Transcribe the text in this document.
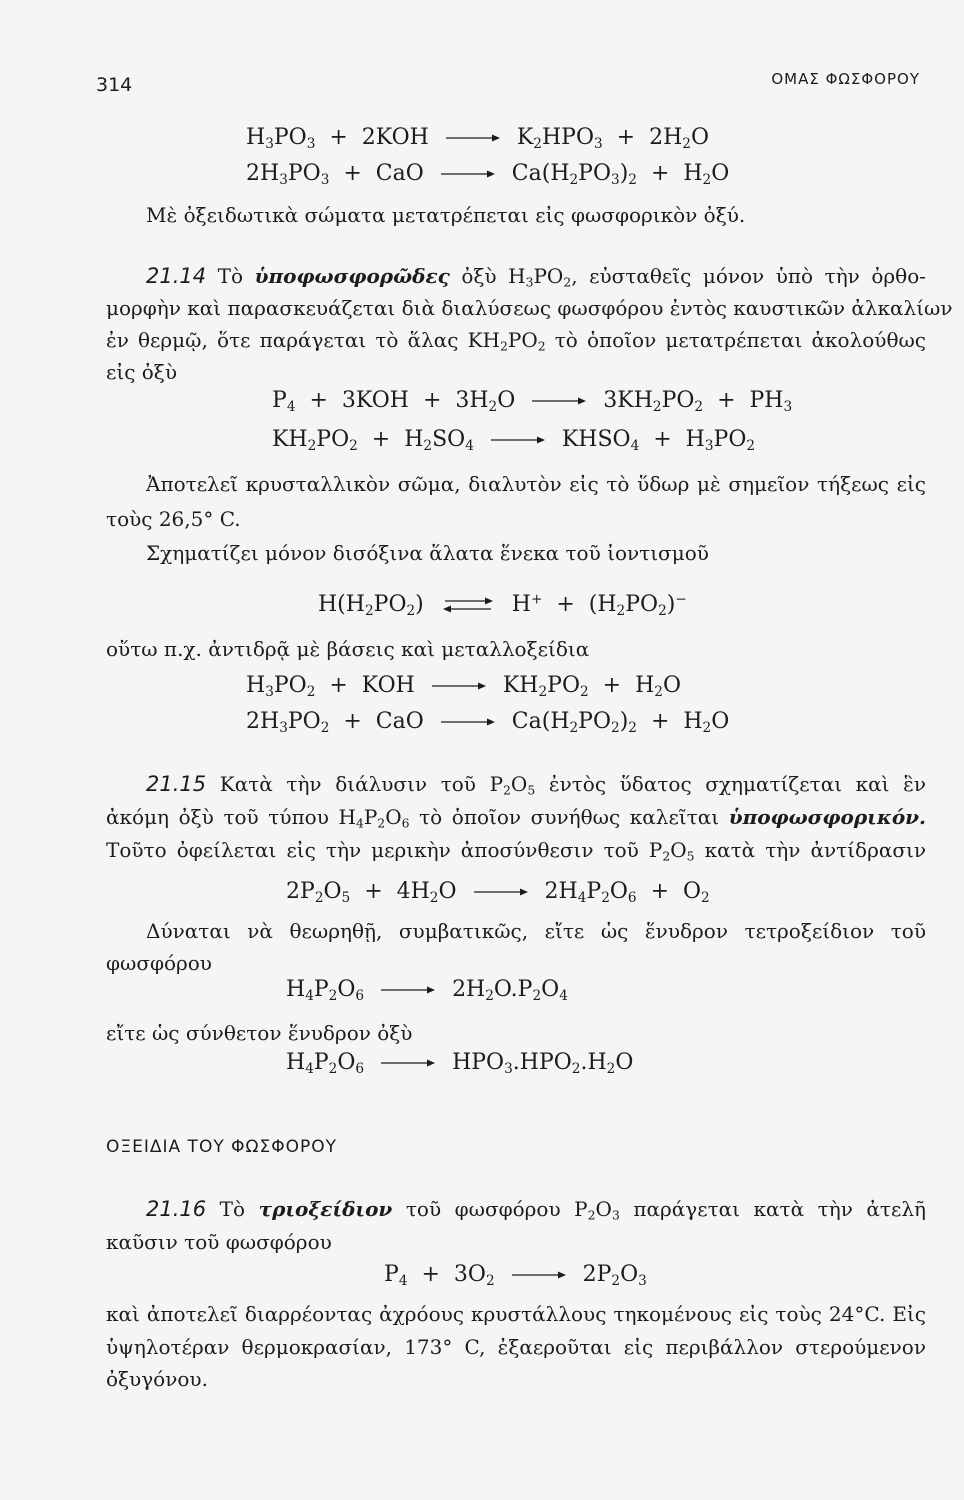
314	ΟΜΑΣ ΦΩΣΦΟΡΟΥ
$H_3PO_3 + 2KOH \to K_2HPO_3 + 2H_2O$
$2H_3PO_3$  +  CaO → $Ca(H_2PO_3)_2 + H_2O$
Μὲ ὀξειδωτικὰ σώματα μετατρέπεται εἰς φωσφορικὸν ὀξύ.
21.14 Τὸ ὑποφωσφορῶδες ὀξὺ $H_3PO_2$, εὐσταθεῖς μόνον ὑπὸ τὴν ὀρθο-
μορφὴν καὶ παρασκευάζεται διὰ διαλύσεως φωσφόρου ἐντὸς καυστικῶν ἀλκαλίων
ἐν θερμῷ, ὅτε παράγεται τὸ ἅλας $KH_2PO_2$ τὸ ὁποῖον μετατρέπεται ἀκολούθως
εἰς ὀξὺ
$P_4 + 3KOH + 3H_2O \to 3KH_2PO_2 + PH_3$
$KH_2PO_2 + H_2SO_4$ → $KHSO_4 + H_3PO_2$
Ἀποτελεῖ κρυσταλλικὸν σῶμα, διαλυτὸν εἰς τὸ ὕδωρ μὲ σημεῖον τήξεως εἰς
τοὺς 26,5° C.
Σχηματίζει μόνον δισόξινα ἅλατα ἕνεκα τοῦ ἰοντισμοῦ
$H(H_2PO_2)$ ⇌ $H^+ + (H_2PO_2)^-$
οὕτω π.χ. ἀντιδρᾷ μὲ βάσεις καὶ μεταλλοξείδια
$H_3PO_2$  +  KOH → $KH_2PO_2 + H_2O$
$2H_3PO_2$  +  CaO → $Ca(H_2PO_2)_2 + H_2O$
21.15 Κατὰ τὴν διάλυσιν τοῦ $P_2O_5$ ἐντὸς ὕδατος σχηματίζεται καὶ ἓν
ἀκόμη ὀξὺ τοῦ τύπου $H_4P_2O_6$ τὸ ὁποῖον συνήθως καλεῖται ὑποφωσφορικόν.
Τοῦτο ὀφείλεται εἰς τὴν μερικὴν ἀποσύνθεσιν τοῦ $P_2O_5$ κατὰ τὴν ἀντίδρασιν
$2P_2O_5 + 4H_2O \to 2H_4P_2O_6 + O_2$
Δύναται νὰ θεωρηθῇ, συμβατικῶς, εἴτε ὡς ἕνυδρον τετροξείδιον τοῦ
φωσφόρου
$H_4P_2O_6 \to 2H_2O.P_2O_4$
εἴτε ὡς σύνθετον ἕνυδρον ὀξὺ
$H_4P_2O_6 \to HPO_3.HPO_2.H_2O$
ΟΞΕΙΔΙΑ ΤΟΥ ΦΩΣΦΟΡΟΥ
21.16 Τὸ τριοξείδιον τοῦ φωσφόρου $P_2O_3$ παράγεται κατὰ τὴν ἀτελῆ
καῦσιν τοῦ φωσφόρου
$P_4 + 3O_2 \to 2P_2O_3$
καὶ ἀποτελεῖ διαρρέοντας ἀχρόους κρυστάλλους τηκομένους εἰς τοὺς 24°C. Εἰς
ὑψηλοτέραν θερμοκρασίαν, 173° C, ἐξαεροῦται εἰς περιβάλλον στερούμενον
ὀξυγόνου.
